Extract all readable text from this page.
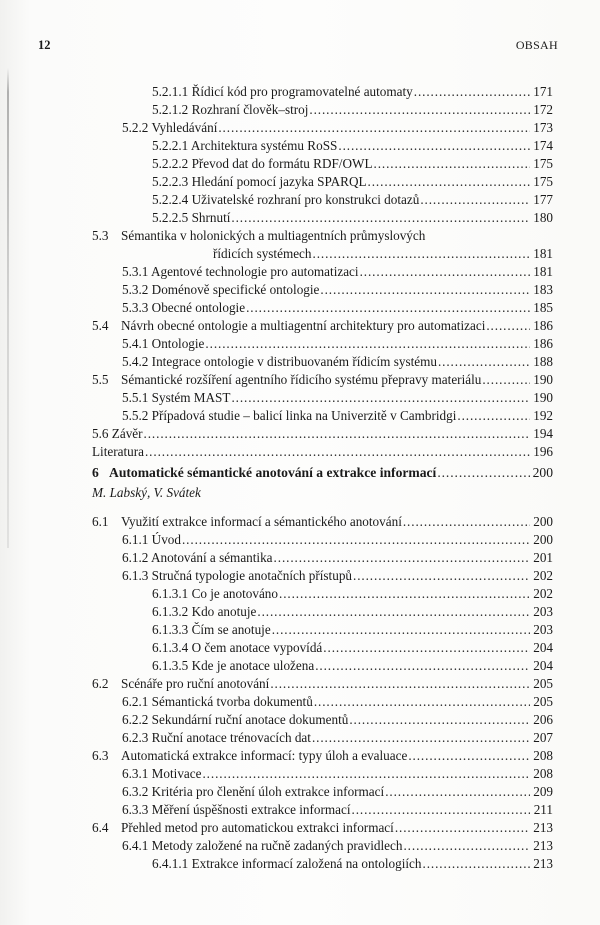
12	OBSAH
5.2.1.1 Řídicí kód pro programovatelné automaty .....	171
5.2.1.2 Rozhraní člověk–stroj .....	172
5.2.2 Vyhledávání .....	173
5.2.2.1 Architektura systému RoSS .....	174
5.2.2.2 Převod dat do formátu RDF/OWL .....	175
5.2.2.3 Hledání pomocí jazyka SPARQL .....	175
5.2.2.4 Uživatelské rozhraní pro konstrukci dotazů .....	177
5.2.2.5 Shrnutí .....	180
5.3 Sémantika v holonických a multiagentních průmyslových
řídicích systémech .....	181
5.3.1 Agentové technologie pro automatizaci .....	181
5.3.2 Doménově specifické ontologie .....	183
5.3.3 Obecné ontologie .....	185
5.4 Návrh obecné ontologie a multiagentní architektury pro automatizaci .....	186
5.4.1 Ontologie .....	186
5.4.2 Integrace ontologie v distribuovaném řídicím systému .....	188
5.5 Sémantické rozšíření agentního řídicího systému přepravy materiálu .....	190
5.5.1 Systém MAST .....	190
5.5.2 Případová studie – balicí linka na Univerzitě v Cambridgi .....	192
5.6 Závěr .....	194
Literatura .....	196
6 Automatické sémantické anotování a extrakce informací .....	200
M. Labský, V. Svátek
6.1 Využití extrakce informací a sémantického anotování .....	200
6.1.1 Úvod .....	200
6.1.2 Anotování a sémantika .....	201
6.1.3 Stručná typologie anotačních přístupů .....	202
6.1.3.1 Co je anotováno .....	202
6.1.3.2 Kdo anotuje .....	203
6.1.3.3 Čím se anotuje .....	203
6.1.3.4 O čem anotace vypovídá .....	204
6.1.3.5 Kde je anotace uložena .....	204
6.2 Scénáře pro ruční anotování .....	205
6.2.1 Sémantická tvorba dokumentů .....	205
6.2.2 Sekundární ruční anotace dokumentů .....	206
6.2.3 Ruční anotace trénovacích dat .....	207
6.3 Automatická extrakce informací: typy úloh a evaluace .....	208
6.3.1 Motivace .....	208
6.3.2 Kritéria pro členění úloh extrakce informací .....	209
6.3.3 Měření úspěšnosti extrakce informací .....	211
6.4 Přehled metod pro automatickou extrakci informací .....	213
6.4.1 Metody založené na ručně zadaných pravidlech .....	213
6.4.1.1 Extrakce informací založená na ontologiích .....	213
